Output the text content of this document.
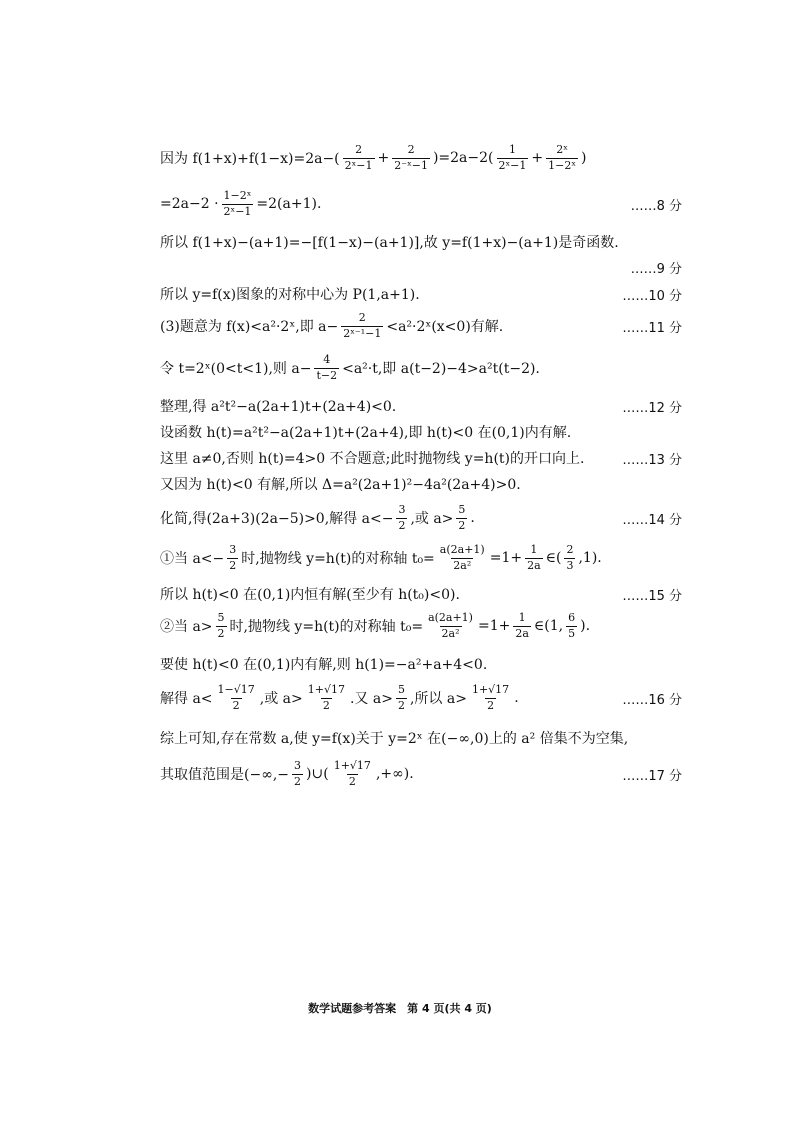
因为 $f(1+x)+f(1-x)=2a-( \frac{2}{\text{2ˣ−1}} + \frac{2}{\text{2⁻ˣ−1}} )=2a-2( \frac{1}{\text{2ˣ−1}} + \frac{\text{2ˣ}}{\text{1−2ˣ}}$ )
$=2a-2 \cdot \frac{\text{1−2ˣ}}{\text{2ˣ−1}} =2(a+1)$.	……8 分
所以 f(1+x)−(a+1)=−[f(1−x)−(a+1)],故 y=f(1+x)−(a+1)是奇函数.
……9 分
所以 y=f(x)图象的对称中心为 P(1,a+1).	……10 分
(3)题意为 f(x)<a²·2ˣ,即 $a- \frac{2}{\text{2ˣ⁻¹−1}}$ <a²·2ˣ(x<0)有解.	……11 分
令 t=2ˣ(0<t<1),则 $a- \frac{4}{t-2} <a^2\cdot t$,即 a(t−2)−4>a²t(t−2).
整理,得 a²t²−a(2a+1)t+(2a+4)<0.	……12 分
设函数 h(t)=a²t²−a(2a+1)t+(2a+4),即 h(t)<0 在(0,1)内有解.
这里 a≠0,否则 h(t)=4>0 不合题意;此时抛物线 y=h(t)的开口向上.	……13 分
又因为 h(t)<0 有解,所以 Δ=a²(2a+1)²−4a²(2a+4)>0.
化简,得(2a+3)(2a−5)>0,解得 $a<- \frac{3}{2}$ ,或 $a> \frac{5}{2}$ .	……14 分
①当 $a<- \frac{3}{2}$ 时,抛物线 y=h(t)的对称轴 $t_0= \frac{a(2a+1)}{\text{2a²}} =1+ \frac{1}{2a}$ ∈( $\frac{2}{3} ,1$).
所以 h(t)<0 在(0,1)内恒有解(至少有 h(t₀)<0).	……15 分
②当 $a> \frac{5}{2}$ 时,抛物线 y=h(t)的对称轴 $t_0= \frac{a(2a+1)}{\text{2a²}} =1+ \frac{1}{2a}$ ∈(1, $\frac{6}{5}$ ).
要使 h(t)<0 在(0,1)内有解,则 h(1)=−a²+a+4<0.
解得 $a< \frac{1-√17}{2}$ ,或 $a> \frac{1+√17}{2}$ .又 $a> \frac{5}{2}$ ,所以 $a> \frac{1+√17}{2}$ .	……16 分
综上可知,存在常数 a,使 y=f(x)关于 y=2ˣ 在(−∞,0)上的 a² 倍集不为空集,
其取值范围是(−∞,− $\frac{3}{2}$ )∪( $\frac{1+√17}{2}$ ,+∞).	……17 分
数学试题参考答案　第 4 页(共 4 页)
